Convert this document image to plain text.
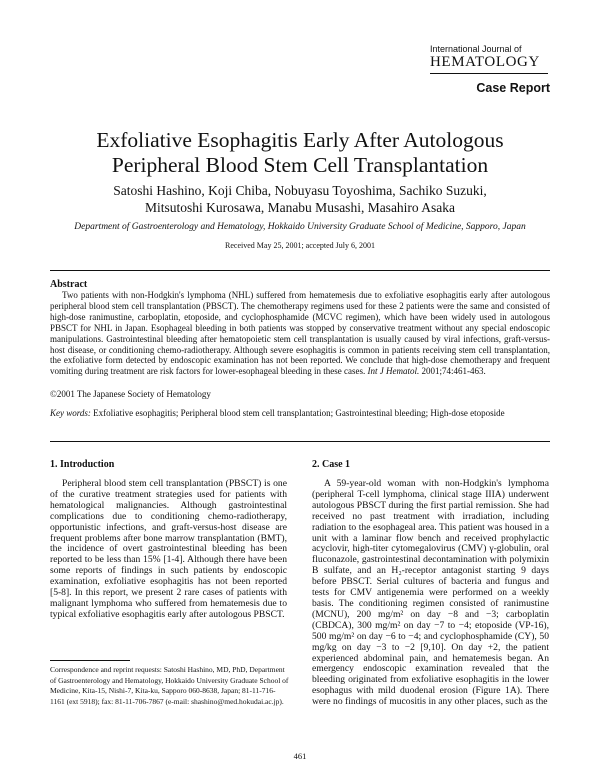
International Journal of
HEMATOLOGY
Case Report
Exfoliative Esophagitis Early After Autologous
Peripheral Blood Stem Cell Transplantation
Satoshi Hashino, Koji Chiba, Nobuyasu Toyoshima, Sachiko Suzuki,
Mitsutoshi Kurosawa, Manabu Musashi, Masahiro Asaka
Department of Gastroenterology and Hematology, Hokkaido University Graduate School of Medicine, Sapporo, Japan
Received May 25, 2001; accepted July 6, 2001
Abstract
Two patients with non-Hodgkin's lymphoma (NHL) suffered from hematemesis due to exfoliative esophagitis early after autologous peripheral blood stem cell transplantation (PBSCT). The chemotherapy regimens used for these 2 patients were the same and consisted of high-dose ranimustine, carboplatin, etoposide, and cyclophosphamide (MCVC regimen), which have been widely used in autologous PBSCT for NHL in Japan. Esophageal bleeding in both patients was stopped by conservative treatment without any special endoscopic manipulations. Gastrointestinal bleeding after hematopoietic stem cell transplantation is usually caused by viral infections, graft-versus-host disease, or conditioning chemo-radiotherapy. Although severe esophagitis is common in patients receiving stem cell transplantation, the exfoliative form detected by endoscopic examination has not been reported. We conclude that high-dose chemotherapy and frequent vomiting during treatment are risk factors for lower-esophageal bleeding in these cases. Int J Hematol. 2001;74:461-463.
©2001 The Japanese Society of Hematology
Key words: Exfoliative esophagitis; Peripheral blood stem cell transplantation; Gastrointestinal bleeding; High-dose etoposide
1. Introduction
Peripheral blood stem cell transplantation (PBSCT) is one of the curative treatment strategies used for patients with hematological malignancies. Although gastrointestinal complications due to conditioning chemo-radiotherapy, opportunistic infections, and graft-versus-host disease are frequent problems after bone marrow transplantation (BMT), the incidence of overt gastrointestinal bleeding has been reported to be less than 15% [1-4]. Although there have been some reports of findings in such patients by endoscopic examination, exfoliative esophagitis has not been reported [5-8]. In this report, we present 2 rare cases of patients with malignant lymphoma who suffered from hematemesis due to typical exfoliative esophagitis early after autologous PBSCT.
2. Case 1
A 59-year-old woman with non-Hodgkin's lymphoma (peripheral T-cell lymphoma, clinical stage IIIA) underwent autologous PBSCT during the first partial remission. She had received no past treatment with irradiation, including radiation to the esophageal area. This patient was housed in a unit with a laminar flow bench and received prophylactic acyclovir, high-titer cytomegalovirus (CMV) γ-globulin, oral fluconazole, gastrointestinal decontamination with polymixin B sulfate, and an H₂-receptor antagonist starting 9 days before PBSCT. Serial cultures of bacteria and fungus and tests for CMV antigenemia were performed on a weekly basis. The conditioning regimen consisted of ranimustine (MCNU), 200 mg/m² on day −8 and −3; carboplatin (CBDCA), 300 mg/m² on day −7 to −4; etoposide (VP-16), 500 mg/m² on day −6 to −4; and cyclophosphamide (CY), 50 mg/kg on day −3 to −2 [9,10]. On day +2, the patient experienced abdominal pain, and hematemesis began. An emergency endoscopic examination revealed that the bleeding originated from exfoliative esophagitis in the lower esophagus with mild duodenal erosion (Figure 1A). There were no findings of mucositis in any other places, such as the
Correspondence and reprint requests: Satoshi Hashino, MD, PhD, Department of Gastroenterology and Hematology, Hokkaido University Graduate School of Medicine, Kita-15, Nishi-7, Kita-ku, Sapporo 060-8638, Japan; 81-11-716-1161 (ext 5918); fax: 81-11-706-7867 (e-mail: shashino@med.hokudai.ac.jp).
461
